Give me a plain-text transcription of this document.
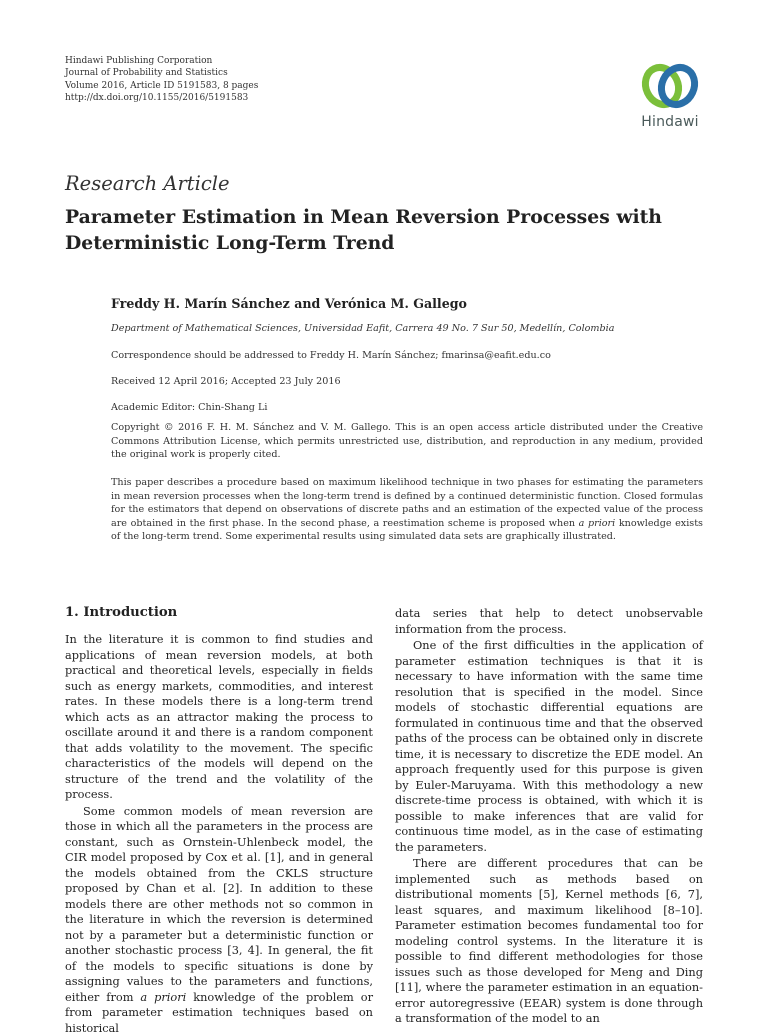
Hindawi Publishing Corporation
Journal of Probability and Statistics
Volume 2016, Article ID 5191583, 8 pages
http://dx.doi.org/10.1155/2016/5191583
Hindawi
Research Article
Parameter Estimation in Mean Reversion Processes with
Deterministic Long-Term Trend
Freddy H. Marín Sánchez and Verónica M. Gallego
Department of Mathematical Sciences, Universidad Eafit, Carrera 49 No. 7 Sur 50, Medellín, Colombia
Correspondence should be addressed to Freddy H. Marín Sánchez; fmarinsa@eafit.edu.co
Received 12 April 2016; Accepted 23 July 2016
Academic Editor: Chin-Shang Li
Copyright © 2016 F. H. M. Sánchez and V. M. Gallego. This is an open access article distributed under the Creative Commons Attribution License, which permits unrestricted use, distribution, and reproduction in any medium, provided the original work is properly cited.
This paper describes a procedure based on maximum likelihood technique in two phases for estimating the parameters in mean reversion processes when the long-term trend is defined by a continued deterministic function. Closed formulas for the estimators that depend on observations of discrete paths and an estimation of the expected value of the process are obtained in the first phase. In the second phase, a reestimation scheme is proposed when a priori knowledge exists of the long-term trend. Some experimental results using simulated data sets are graphically illustrated.
1. Introduction

In the literature it is common to find studies and applications of mean reversion models, at both practical and theoretical levels, especially in fields such as energy markets, commodities, and interest rates. In these models there is a long-term trend which acts as an attractor making the process to oscillate around it and there is a random component that adds volatility to the movement. The specific characteristics of the models will depend on the structure of the trend and the volatility of the process.

Some common models of mean reversion are those in which all the parameters in the process are constant, such as Ornstein-Uhlenbeck model, the CIR model proposed by Cox et al. [1], and in general the models obtained from the CKLS structure proposed by Chan et al. [2]. In addition to these models there are other methods not so common in the literature in which the reversion is determined not by a parameter but a deterministic function or another stochastic process [3, 4]. In general, the fit of the models to specific situations is done by assigning values to the parameters and functions, either from a priori knowledge of the problem or from parameter estimation techniques based on historical

data series that help to detect unobservable information from the process.

One of the first difficulties in the application of parameter estimation techniques is that it is necessary to have information with the same time resolution that is specified in the model. Since models of stochastic differential equations are formulated in continuous time and that the observed paths of the process can be obtained only in discrete time, it is necessary to discretize the EDE model. An approach frequently used for this purpose is given by Euler-Maruyama. With this methodology a new discrete-time process is obtained, with which it is possible to make inferences that are valid for continuous time model, as in the case of estimating the parameters.

There are different procedures that can be implemented such as methods based on distributional moments [5], Kernel methods [6, 7], least squares, and maximum likelihood [8–10]. Parameter estimation becomes fundamental too for modeling control systems. In the literature it is possible to find different methodologies for those issues such as those developed for Meng and Ding [11], where the parameter estimation in an equation-error autoregressive (EEAR) system is done through a transformation of the model to an
